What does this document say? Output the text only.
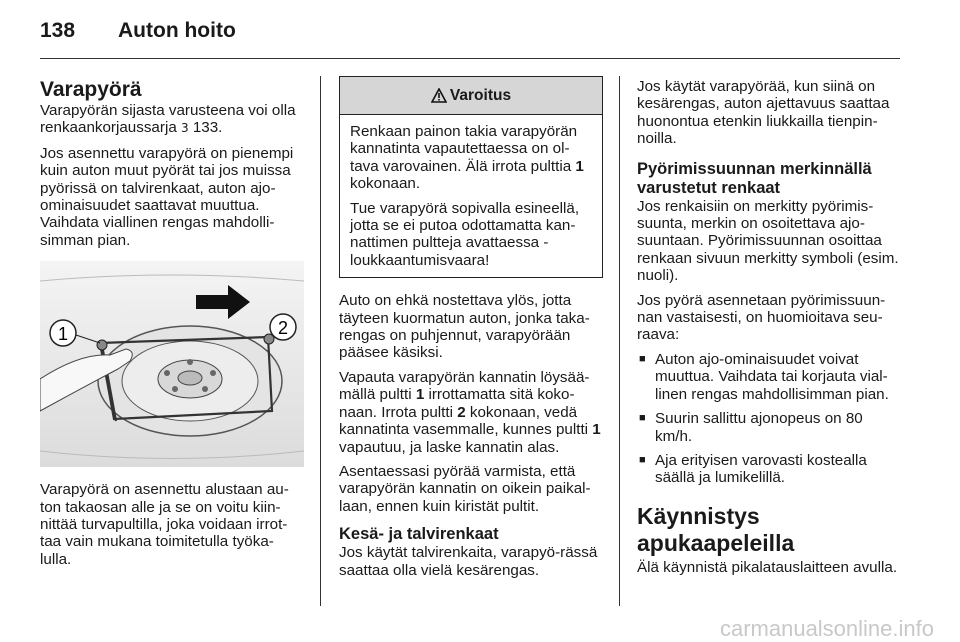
138	Auton hoito
Varapyörä

Varapyörän sijasta varusteena voi olla renkaankorjaussarja 3 133.

Jos asennettu varapyörä on pienempi kuin auton muut pyörät tai jos muissa pyörissä on talvirenkaat, auton ajo-ominaisuudet saattavat muuttua. Vaihdata viallinen rengas mahdolli-simman pian.

1	2

Varapyörä on asennettu alustaan au-ton takaosan alle ja se on voitu kiin-nittää turvapultilla, joka voidaan irrot-taa vain mukana toimitetulla työka-lulla.

Varoitus

Renkaan painon takia varapyörän kannatinta vapautettaessa on ol-tava varovainen. Älä irrota pulttia 1 kokonaan.

Tue varapyörä sopivalla esineellä, jotta se ei putoa odottamatta kan-nattimen pultteja avattaessa - loukkaantumisvaara!

Auto on ehkä nostettava ylös, jotta täyteen kuormatun auton, jonka taka-rengas on puhjennut, varapyörään pääsee käsiksi.

Vapauta varapyörän kannatin löysää-mällä pultti 1 irrottamatta sitä koko-naan. Irrota pultti 2 kokonaan, vedä kannatinta vasemmalle, kunnes pultti 1 vapautuu, ja laske kannatin alas.

Asentaessasi pyörää varmista, että varapyörän kannatin on oikein paikal-laan, ennen kuin kiristät pultit.

Kesä- ja talvirenkaat

Jos käytät talvirenkaita, varapyö-rässä saattaa olla vielä kesärengas.

Jos käytät varapyörää, kun siinä on kesärengas, auton ajettavuus saattaa huonontua etenkin liukkailla tienpin-noilla.

Pyörimissuunnan merkinnällä varustetut renkaat

Jos renkaisiin on merkitty pyörimis-suunta, merkin on osoitettava ajo-suuntaan. Pyörimissuunnan osoittaa renkaan sivuun merkitty symboli (esim. nuoli).

Jos pyörä asennetaan pyörimissuun-nan vastaisesti, on huomioitava seu-raava:

■ Auton ajo-ominaisuudet voivat muuttua. Vaihdata tai korjauta vial-linen rengas mahdollisimman pian.
■ Suurin sallittu ajonopeus on 80 km/h.
■ Aja erityisen varovasti kostealla säällä ja lumikelillä.
Käynnistys apukaapeleilla

Älä käynnistä pikalatauslaitteen avulla.

carmanualsonline.info
